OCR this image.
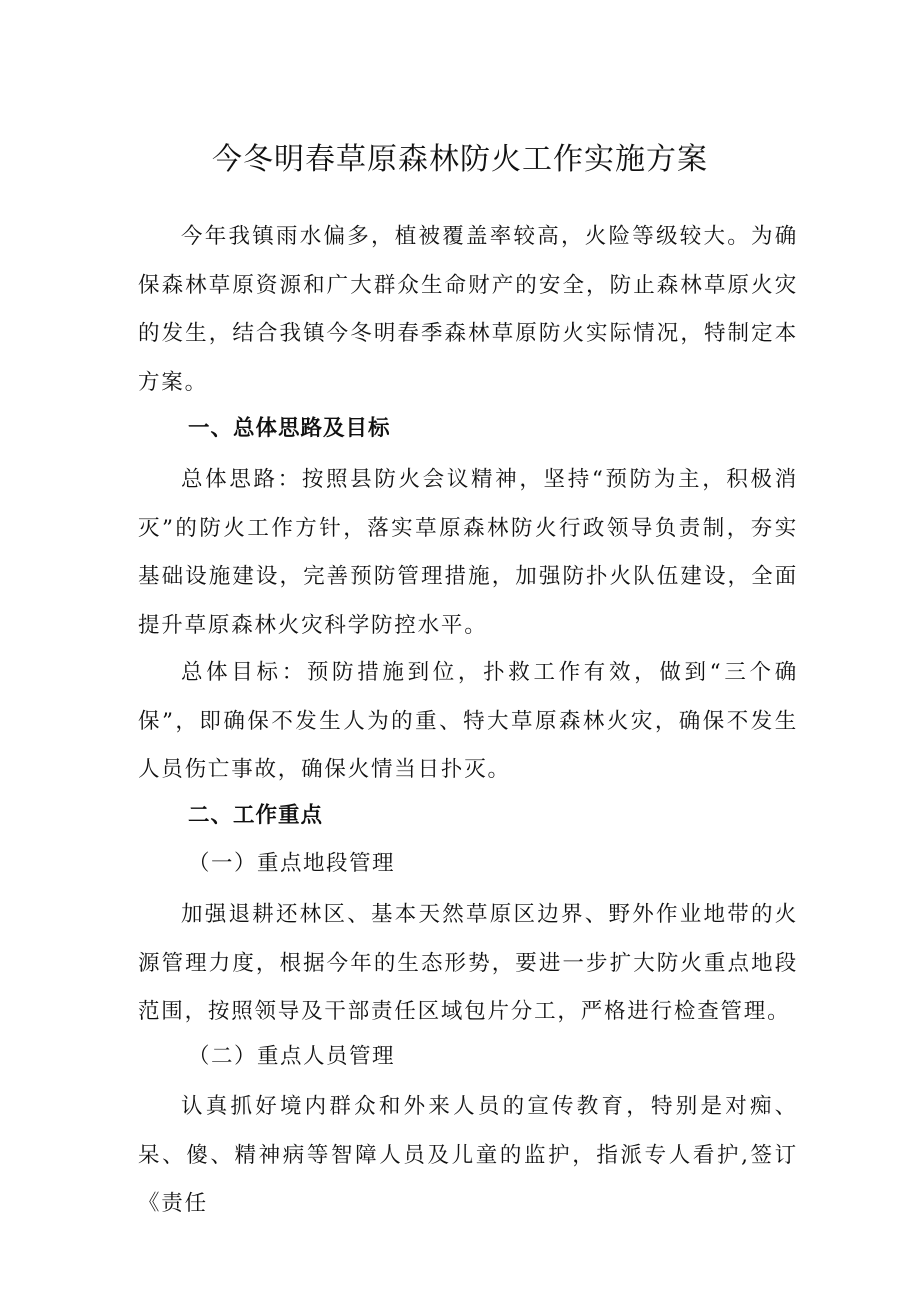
今冬明春草原森林防火工作实施方案

今年我镇雨水偏多，植被覆盖率较高，火险等级较大。为确保森林草原资源和广大群众生命财产的安全，防止森林草原火灾的发生，结合我镇今冬明春季森林草原防火实际情况，特制定本方案。

一、总体思路及目标

总体思路：按照县防火会议精神，坚持“预防为主，积极消灭”的防火工作方针，落实草原森林防火行政领导负责制，夯实基础设施建设，完善预防管理措施，加强防扑火队伍建设，全面提升草原森林火灾科学防控水平。

总体目标：预防措施到位，扑救工作有效，做到“三个确保”，即确保不发生人为的重、特大草原森林火灾，确保不发生人员伤亡事故，确保火情当日扑灭。

二、工作重点

（一）重点地段管理

加强退耕还林区、基本天然草原区边界、野外作业地带的火源管理力度，根据今年的生态形势，要进一步扩大防火重点地段范围，按照领导及干部责任区域包片分工，严格进行检查管理。

（二）重点人员管理

认真抓好境内群众和外来人员的宣传教育，特别是对痴、呆、傻、精神病等智障人员及儿童的监护，指派专人看护,签订《责任
